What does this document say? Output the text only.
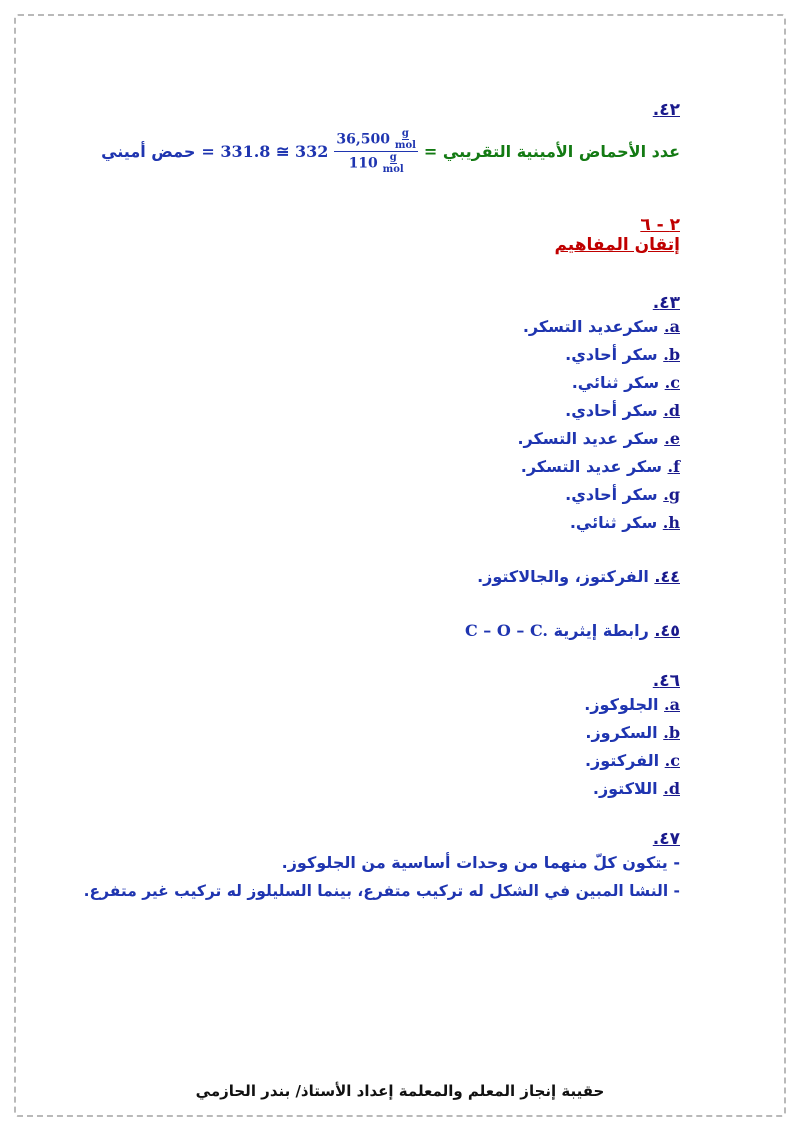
٤٢.
عدد الأحماض الأمينية التقريبي =
36,500 g
mol
110 g
mol
= 331.8 ≅ 332
حمض أميني
٢ - ٦
إتقان المفاهيم
٤٣.
a. سكرعديد التسكر.
b. سكر أحادي.
c. سكر ثنائي.
d. سكر أحادي.
e. سكر عديد التسكر.
f. سكر عديد التسكر.
g. سكر أحادي.
h. سكر ثنائي.
٤٤. الفركتوز، والجالاكتوز.
٤٥. رابطة إيثرية C – O – C.
٤٦.
a. الجلوكوز.
b. السكروز.
c. الفركتوز.
d. اللاكتوز.
٤٧.
- يتكون كلّ منهما من وحدات أساسية من الجلوكوز.
- النشا المبين في الشكل له تركيب متفرع، بينما السليلوز له تركيب غير متفرع.
حقيبة إنجاز المعلم والمعلمة إعداد الأستاذ/ بندر الحازمي
